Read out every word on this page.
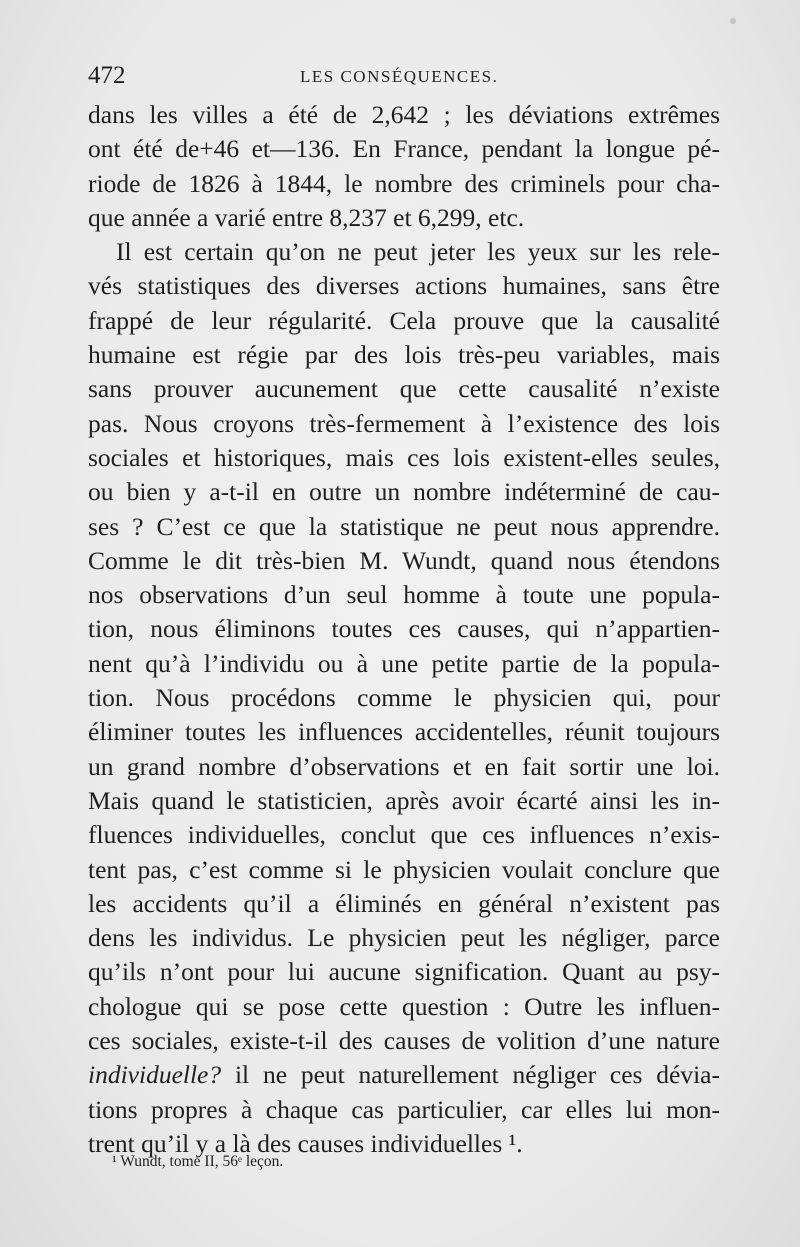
472	LES CONSÉQUENCES.
dans les villes a été de 2,642 ; les déviations extrêmes
ont été de+46 et—136. En France, pendant la longue pé-
riode de 1826 à 1844, le nombre des criminels pour cha-
que année a varié entre 8,237 et 6,299, etc.
Il est certain qu’on ne peut jeter les yeux sur les rele-
vés statistiques des diverses actions humaines, sans être
frappé de leur régularité. Cela prouve que la causalité
humaine est régie par des lois très-peu variables, mais
sans prouver aucunement que cette causalité n’existe
pas. Nous croyons très-fermement à l’existence des lois
sociales et historiques, mais ces lois existent-elles seules,
ou bien y a-t-il en outre un nombre indéterminé de cau-
ses ? C’est ce que la statistique ne peut nous apprendre.
Comme le dit très-bien M. Wundt, quand nous étendons
nos observations d’un seul homme à toute une popula-
tion, nous éliminons toutes ces causes, qui n’appartien-
nent qu’à l’individu ou à une petite partie de la popula-
tion. Nous procédons comme le physicien qui, pour
éliminer toutes les influences accidentelles, réunit toujours
un grand nombre d’observations et en fait sortir une loi.
Mais quand le statisticien, après avoir écarté ainsi les in-
fluences individuelles, conclut que ces influences n’exis-
tent pas, c’est comme si le physicien voulait conclure que
les accidents qu’il a éliminés en général n’existent pas
dens les individus. Le physicien peut les négliger, parce
qu’ils n’ont pour lui aucune signification. Quant au psy-
chologue qui se pose cette question : Outre les influen-
ces sociales, existe-t-il des causes de volition d’une nature
individuelle? il ne peut naturellement négliger ces dévia-
tions propres à chaque cas particulier, car elles lui mon-
trent qu’il y a là des causes individuelles ¹.
¹ Wundt, tome II, 56ᵉ leçon.
